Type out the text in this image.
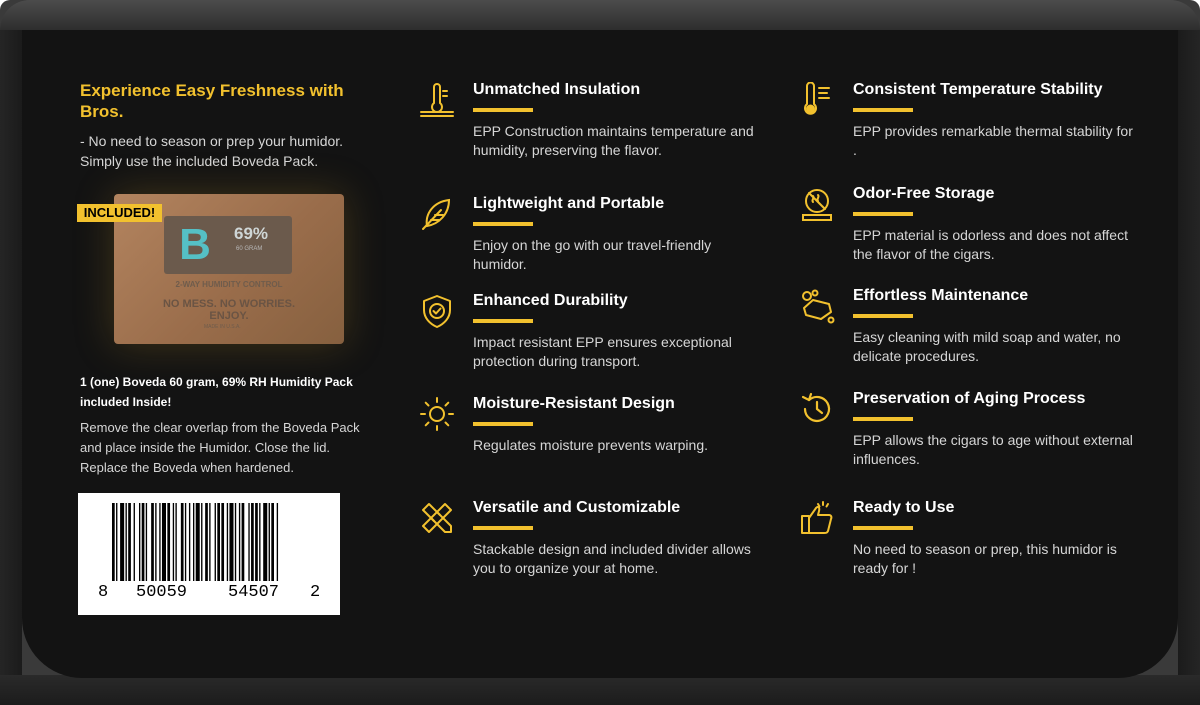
Experience Easy Freshness with Bros.
- No need to season or prep your humidor. Simply use the included Boveda Pack.
B	69%
60 GRAM
2-WAY HUMIDITY CONTROL
NO MESS. NO WORRIES. ENJOY.
MADE IN U.S.A.
INCLUDED!
1 (one) Boveda 60 gram, 69% RH Humidity Pack included Inside!
Remove the clear overlap from the Boveda Pack and place inside the Humidor. Close the lid. Replace the Boveda when hardened.
8 50059 54507 2
Unmatched Insulation
EPP Construction maintains temperature and humidity, preserving the flavor.
Lightweight and Portable
Enjoy on the go with our travel-friendly humidor.
Enhanced Durability
Impact resistant EPP ensures exceptional protection during transport.
Moisture-Resistant Design
Regulates moisture prevents warping.
Versatile and Customizable
Stackable design and included divider allows you to organize your at home.
Consistent Temperature Stability
EPP provides remarkable thermal stability for .
Odor-Free Storage
EPP material is odorless and does not affect the flavor of the cigars.
Effortless Maintenance
Easy cleaning with mild soap and water, no delicate procedures.
Preservation of Aging Process
EPP allows the cigars to age without external influences.
Ready to Use
No need to season or prep, this humidor is ready for !
